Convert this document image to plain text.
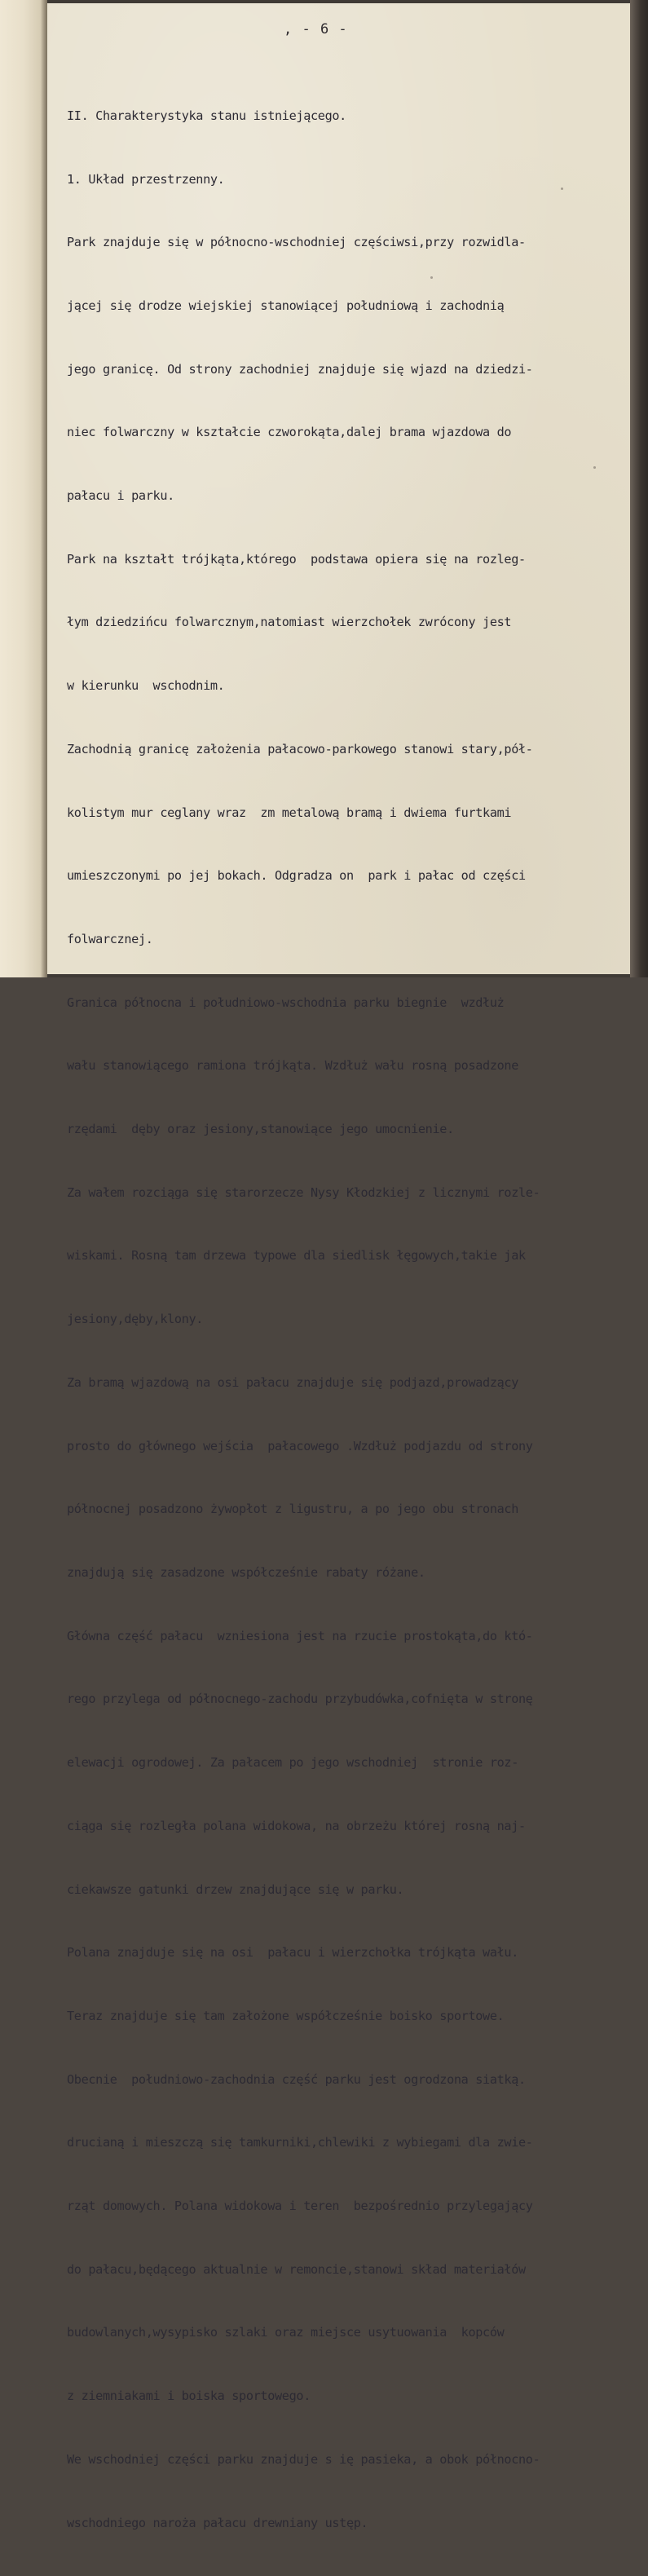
, - 6 -

II. Charakterystyka stanu istniejącego.

1. Układ przestrzenny.

Park znajduje się w północno-wschodniej częściwsi,przy rozwidla-

jącej się drodze wiejskiej stanowiącej południową i zachodnią

jego granicę. Od strony zachodniej znajduje się wjazd na dziedzi-

niec folwarczny w kształcie czworokąta,dalej brama wjazdowa do

pałacu i parku.

Park na kształt trójkąta,którego  podstawa opiera się na rozleg-

łym dziedzińcu folwarcznym,natomiast wierzchołek zwrócony jest

w kierunku  wschodnim.

Zachodnią granicę założenia pałacowo-parkowego stanowi stary,pół-

kolistym mur ceglany wraz  zm metalową bramą i dwiema furtkami

umieszczonymi po jej bokach. Odgradza on  park i pałac od części

folwarcznej.

Granica północna i południowo-wschodnia parku biegnie  wzdłuż

wału stanowiącego ramiona trójkąta. Wzdłuż wału rosną posadzone

rzędami  dęby oraz jesiony,stanowiące jego umocnienie.

Za wałem rozciąga się starorzecze Nysy Kłodzkiej z licznymi rozle-

wiskami. Rosną tam drzewa typowe dla siedlisk łęgowych,takie jak

jesiony,dęby,klony.

Za bramą wjazdową na osi pałacu znajduje się podjazd,prowadzący

prosto do głównego wejścia  pałacowego .Wzdłuż podjazdu od strony

północnej posadzono żywopłot z ligustru, a po jego obu stronach

znajdują się zasadzone współcześnie rabaty różane.

Główna część pałacu  wzniesiona jest na rzucie prostokąta,do któ-

rego przylega od północnego-zachodu przybudówka,cofnięta w stronę

elewacji ogrodowej. Za pałacem po jego wschodniej  stronie roz-

ciąga się rozległa polana widokowa, na obrzeżu której rosną naj-

ciekawsze gatunki drzew znajdujące się w parku.

Polana znajduje się na osi  pałacu i wierzchołka trójkąta wału.

Teraz znajduje się tam założone współcześnie boisko sportowe.

Obecnie  południowo-zachodnia część parku jest ogrodzona siatką.

drucianą i mieszczą się tamkurniki,chlewiki z wybiegami dla zwie-

rząt domowych. Polana widokowa i teren  bezpośrednio przylegający

do pałacu,będącego aktualnie w remoncie,stanowi skład materiałów

budowlanych,wysypisko szlaki oraz miejsce usytuowania  kopców

z ziemniakami i boiska sportowego.

We wschodniej części parku znajduje s ię pasieka, a obok północno-

wschodniego naroża pałacu drewniany ustęp.
